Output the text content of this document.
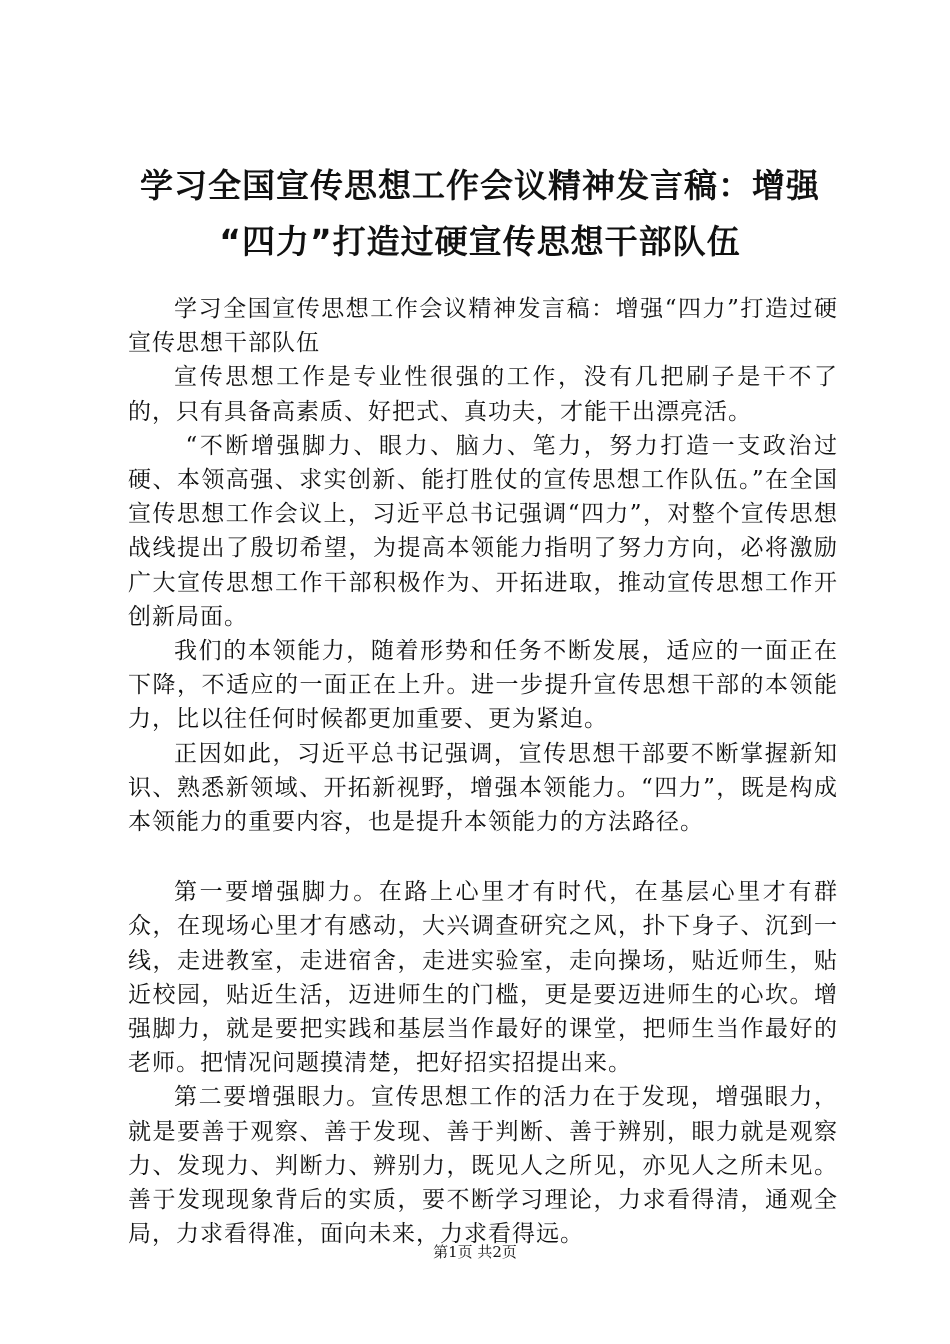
学习全国宣传思想工作会议精神发言稿：增强
“四力”打造过硬宣传思想干部队伍

学习全国宣传思想工作会议精神发言稿：增强“四力”打造过硬宣传思想干部队伍

宣传思想工作是专业性很强的工作，没有几把刷子是干不了的，只有具备高素质、好把式、真功夫，才能干出漂亮活。

“不断增强脚力、眼力、脑力、笔力，努力打造一支政治过硬、本领高强、求实创新、能打胜仗的宣传思想工作队伍。”在全国宣传思想工作会议上，习近平总书记强调“四力”，对整个宣传思想战线提出了殷切希望，为提高本领能力指明了努力方向，必将激励广大宣传思想工作干部积极作为、开拓进取，推动宣传思想工作开创新局面。

我们的本领能力，随着形势和任务不断发展，适应的一面正在下降，不适应的一面正在上升。进一步提升宣传思想干部的本领能力，比以往任何时候都更加重要、更为紧迫。

正因如此，习近平总书记强调，宣传思想干部要不断掌握新知识、熟悉新领域、开拓新视野，增强本领能力。“四力”，既是构成本领能力的重要内容，也是提升本领能力的方法路径。

第一要增强脚力。在路上心里才有时代，在基层心里才有群众，在现场心里才有感动，大兴调查研究之风，扑下身子、沉到一线，走进教室，走进宿舍，走进实验室，走向操场，贴近师生，贴近校园，贴近生活，迈进师生的门槛，更是要迈进师生的心坎。增强脚力，就是要把实践和基层当作最好的课堂，把师生当作最好的老师。把情况问题摸清楚，把好招实招提出来。

第二要增强眼力。宣传思想工作的活力在于发现，增强眼力，就是要善于观察、善于发现、善于判断、善于辨别，眼力就是观察力、发现力、判断力、辨别力，既见人之所见，亦见人之所未见。善于发现现象背后的实质，要不断学习理论，力求看得清，通观全局，力求看得准，面向未来，力求看得远。

第1页 共2页
